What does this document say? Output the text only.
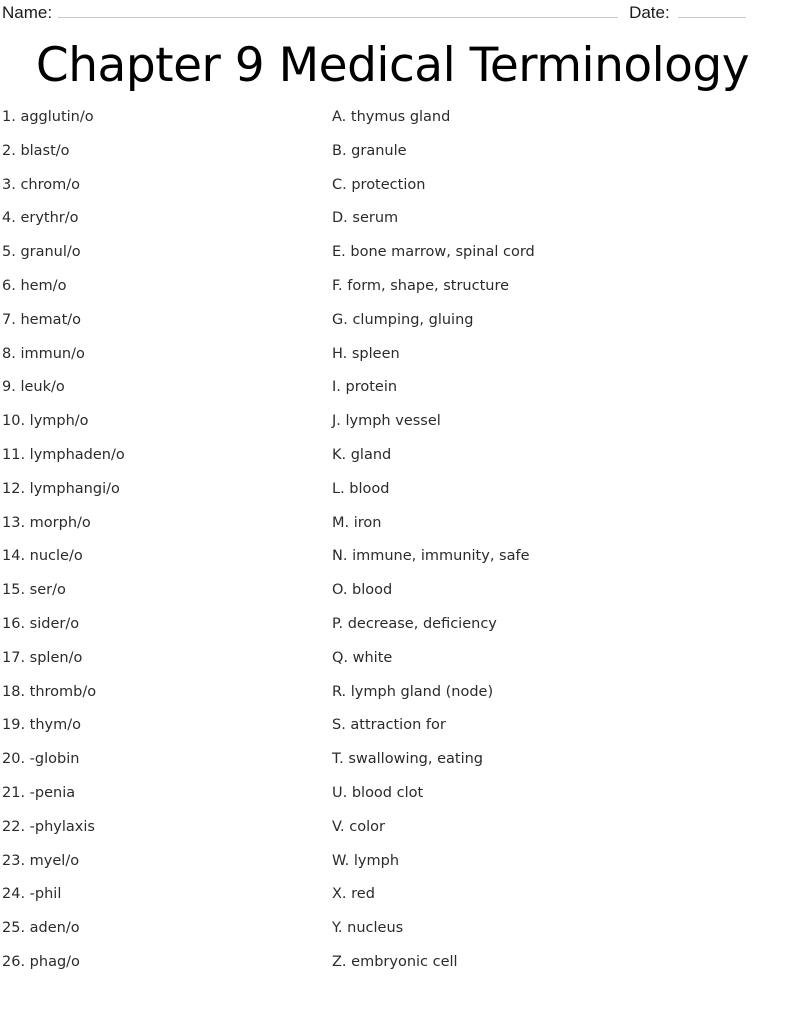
Name:	Date:
Chapter 9 Medical Terminology
1. agglutin/o	A. thymus gland
2. blast/o	B. granule
3. chrom/o	C. protection
4. erythr/o	D. serum
5. granul/o	E. bone marrow, spinal cord
6. hem/o	F. form, shape, structure
7. hemat/o	G. clumping, gluing
8. immun/o	H. spleen
9. leuk/o	I. protein
10. lymph/o	J. lymph vessel
11. lymphaden/o	K. gland
12. lymphangi/o	L. blood
13. morph/o	M. iron
14. nucle/o	N. immune, immunity, safe
15. ser/o	O. blood
16. sider/o	P. decrease, deficiency
17. splen/o	Q. white
18. thromb/o	R. lymph gland (node)
19. thym/o	S. attraction for
20. -globin	T. swallowing, eating
21. -penia	U. blood clot
22. -phylaxis	V. color
23. myel/o	W. lymph
24. -phil	X. red
25. aden/o	Y. nucleus
26. phag/o	Z. embryonic cell
